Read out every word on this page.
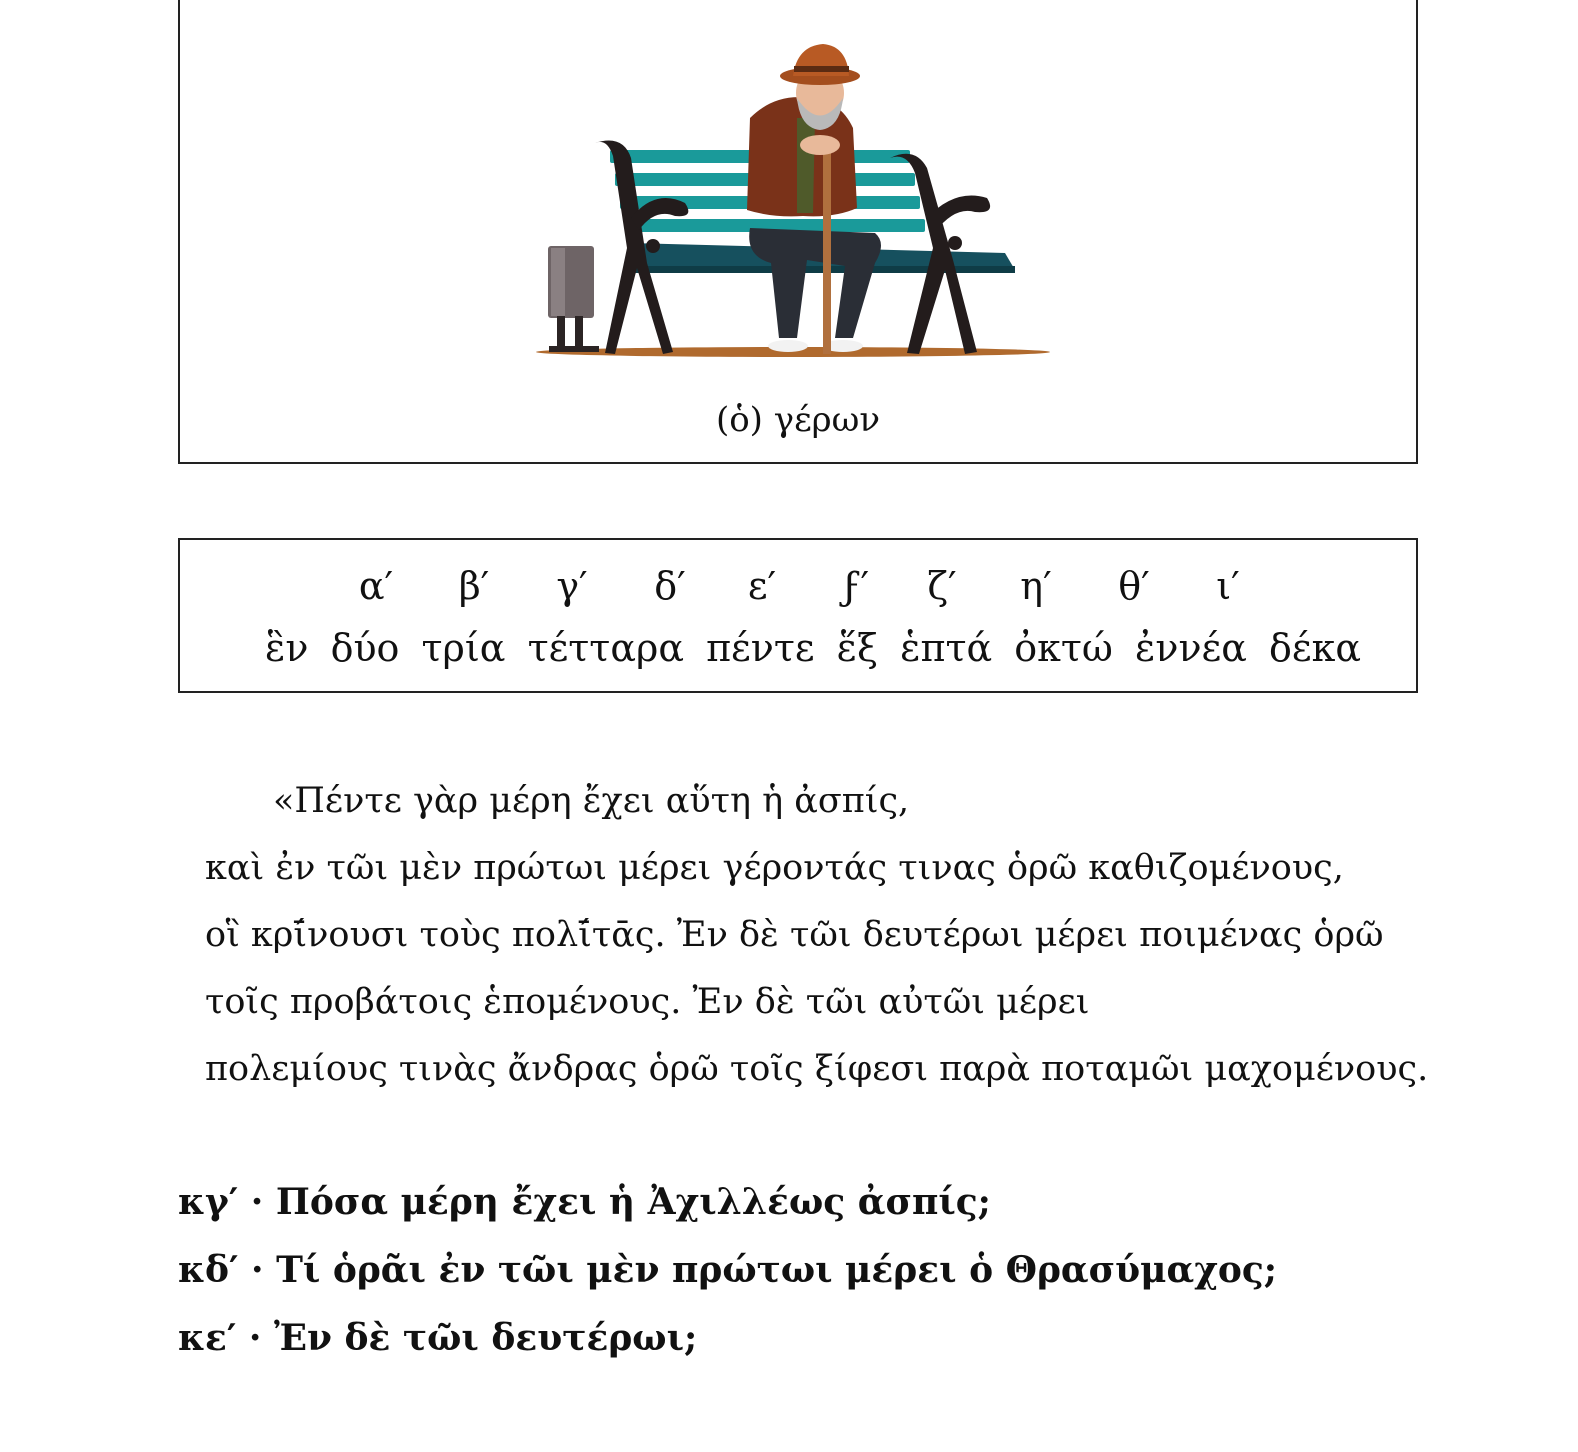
(ὁ) γέρων
α′	β′	γ′	δ′	ε′	ϝ′	ζ′	η′	θ′	ι′
ἓν δύο τρία τέτταρα πέντε ἕξ ἑπτά ὀκτώ ἐννέα δέκα
«Πέντε γὰρ μέρη ἔχει αὕτη ἡ ἀσπίς,
καὶ ἐν τῶι μὲν πρώτωι μέρει γέροντάς τινας ὁρῶ καθιζομένους,
οἳ κρῑ́νουσι τοὺς πολῑ́τᾱς. Ἐν δὲ τῶι δευτέρωι μέρει ποιμένας ὁρῶ
τοῖς προβάτοις ἑπομένους. Ἐν δὲ τῶι αὐτῶι μέρει
πολεμίους τινὰς ἄνδρας ὁρῶ τοῖς ξίφεσι παρὰ ποταμῶι μαχομένους.
κγ′ · Πόσα μέρη ἔχει ἡ Ἀχιλλέως ἀσπίς;
κδ′ · Τί ὁρᾶι ἐν τῶι μὲν πρώτωι μέρει ὁ Θρασύμαχος;
κε′ · Ἐν δὲ τῶι δευτέρωι;
